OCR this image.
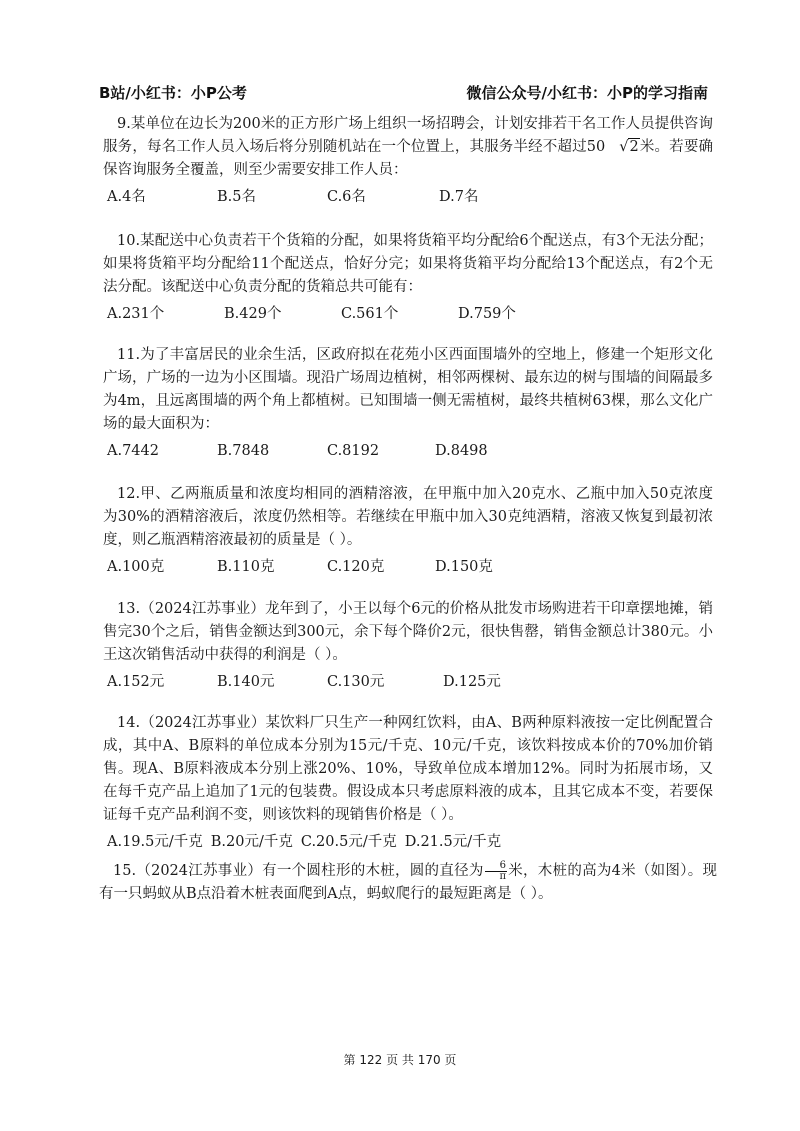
B站/小红书：小P公考	微信公众号/小红书：小P的学习指南

9.某单位在边长为200米的正方形广场上组织一场招聘会，计划安排若干名工作人员提供咨询服务，每名工作人员入场后将分别随机站在一个位置上，其服务半经不超过50 √2米。若要确保咨询服务全覆盖，则至少需要安排工作人员：

A.4名	B.5名	C.6名	D.7名

10.某配送中心负责若干个货箱的分配，如果将货箱平均分配给6个配送点，有3个无法分配；如果将货箱平均分配给11个配送点，恰好分完；如果将货箱平均分配给13个配送点，有2个无法分配。该配送中心负责分配的货箱总共可能有：

A.231个	B.429个	C.561个	D.759个

11.为了丰富居民的业余生活，区政府拟在花苑小区西面围墙外的空地上，修建一个矩形文化广场，广场的一边为小区围墙。现沿广场周边植树，相邻两棵树、最东边的树与围墙的间隔最多为4m，且远离围墙的两个角上都植树。已知围墙一侧无需植树，最终共植树63棵，那么文化广场的最大面积为：

A.7442	B.7848	C.8192	D.8498

12.甲、乙两瓶质量和浓度均相同的酒精溶液，在甲瓶中加入20克水、乙瓶中加入50克浓度为30%的酒精溶液后，浓度仍然相等。若继续在甲瓶中加入30克纯酒精，溶液又恢复到最初浓度，则乙瓶酒精溶液最初的质量是（ ）。

A.100克	B.110克	C.120克	D.150克

13.（2024江苏事业）龙年到了，小王以每个6元的价格从批发市场购进若干印章摆地摊，销售完30个之后，销售金额达到300元，余下每个降价2元，很快售罄，销售金额总计380元。小王这次销售活动中获得的利润是（ ）。

A.152元	B.140元	C.130元	D.125元

14.（2024江苏事业）某饮料厂只生产一种网红饮料，由A、B两种原料液按一定比例配置合成，其中A、B原料的单位成本分别为15元/千克、10元/千克，该饮料按成本价的70%加价销售。现A、B原料液成本分别上涨20%、10%，导致单位成本增加12%。同时为拓展市场，又在每千克产品上追加了1元的包装费。假设成本只考虑原料液的成本，且其它成本不变，若要保证每千克产品利润不变，则该饮料的现销售价格是（ ）。

A.19.5元/千克 B.20元/千克 C.20.5元/千克 D.21.5元/千克

15.（2024江苏事业）有一个圆柱形的木桩，圆的直径为 $\frac{6}{\pi}$ 米，木桩的高为4米（如图）。现有一只蚂蚁从B点沿着木桩表面爬到A点，蚂蚁爬行的最短距离是（ ）。

第 122 页 共 170 页
